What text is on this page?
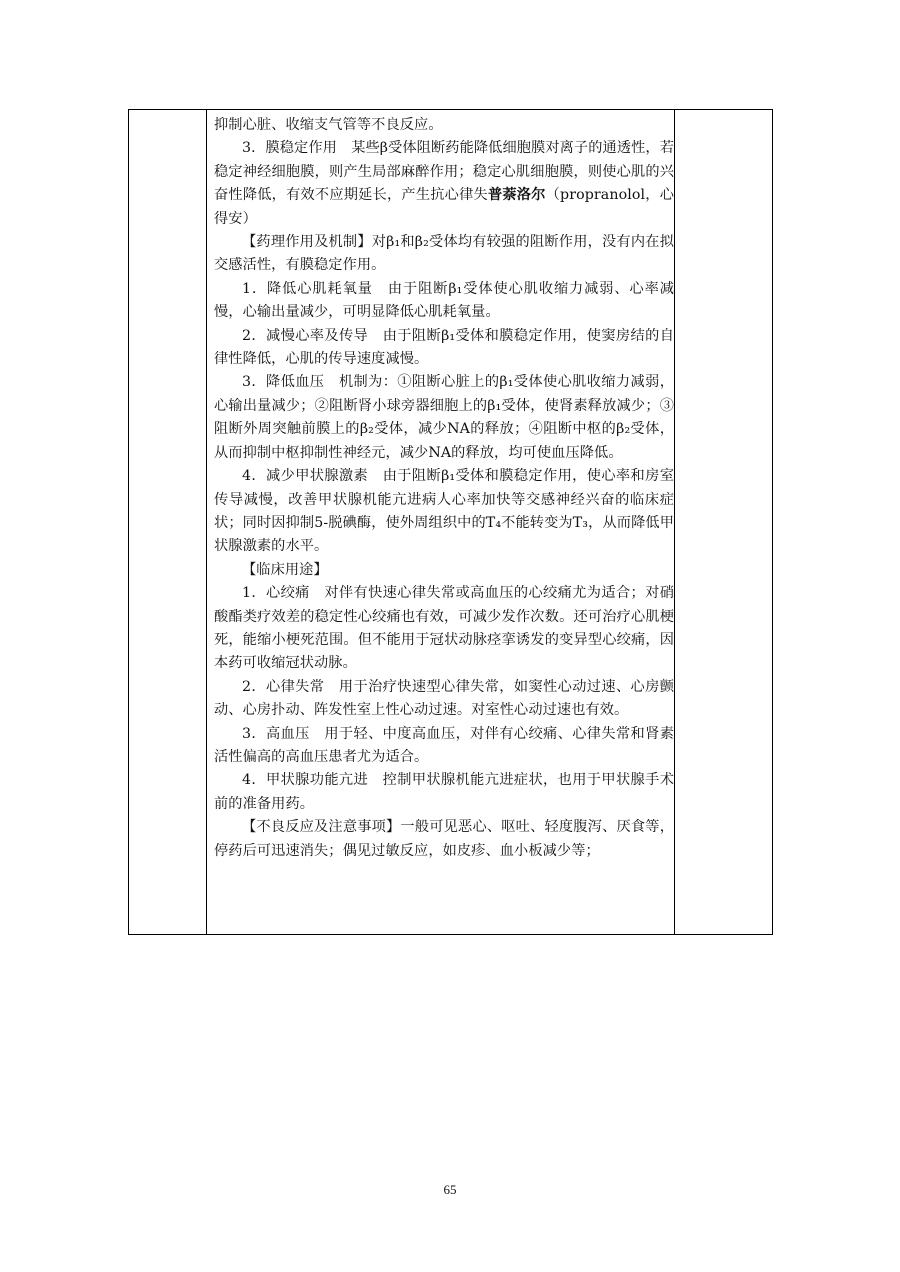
抑制心脏、收缩支气管等不良反应。

3．膜稳定作用　某些β受体阻断药能降低细胞膜对离子的通透性，若稳定神经细胞膜，则产生局部麻醉作用；稳定心肌细胞膜，则使心肌的兴奋性降低，有效不应期延长，产生抗心律失普萘洛尔（propranolol，心得安）

【药理作用及机制】对β₁和β₂受体均有较强的阻断作用，没有内在拟交感活性，有膜稳定作用。

1．降低心肌耗氧量　由于阻断β₁受体使心肌收缩力减弱、心率减慢，心输出量减少，可明显降低心肌耗氧量。

2．减慢心率及传导　由于阻断β₁受体和膜稳定作用，使窦房结的自律性降低，心肌的传导速度减慢。

3．降低血压　机制为：①阻断心脏上的β₁受体使心肌收缩力减弱，心输出量减少；②阻断肾小球旁器细胞上的β₁受体，使肾素释放减少；③阻断外周突触前膜上的β₂受体，减少NA的释放；④阻断中枢的β₂受体，从而抑制中枢抑制性神经元，减少NA的释放，均可使血压降低。

4．减少甲状腺激素　由于阻断β₁受体和膜稳定作用，使心率和房室传导减慢，改善甲状腺机能亢进病人心率加快等交感神经兴奋的临床症状；同时因抑制5-脱碘酶，使外周组织中的T₄不能转变为T₃，从而降低甲状腺激素的水平。

【临床用途】

1．心绞痛　对伴有快速心律失常或高血压的心绞痛尤为适合；对硝酸酯类疗效差的稳定性心绞痛也有效，可减少发作次数。还可治疗心肌梗死，能缩小梗死范围。但不能用于冠状动脉痉挛诱发的变异型心绞痛，因本药可收缩冠状动脉。

2．心律失常　用于治疗快速型心律失常，如窦性心动过速、心房颤动、心房扑动、阵发性室上性心动过速。对室性心动过速也有效。

3．高血压　用于轻、中度高血压，对伴有心绞痛、心律失常和肾素活性偏高的高血压患者尤为适合。

4．甲状腺功能亢进　控制甲状腺机能亢进症状，也用于甲状腺手术前的准备用药。

【不良反应及注意事项】一般可见恶心、呕吐、轻度腹泻、厌食等，停药后可迅速消失；偶见过敏反应，如皮疹、血小板减少等；

65
